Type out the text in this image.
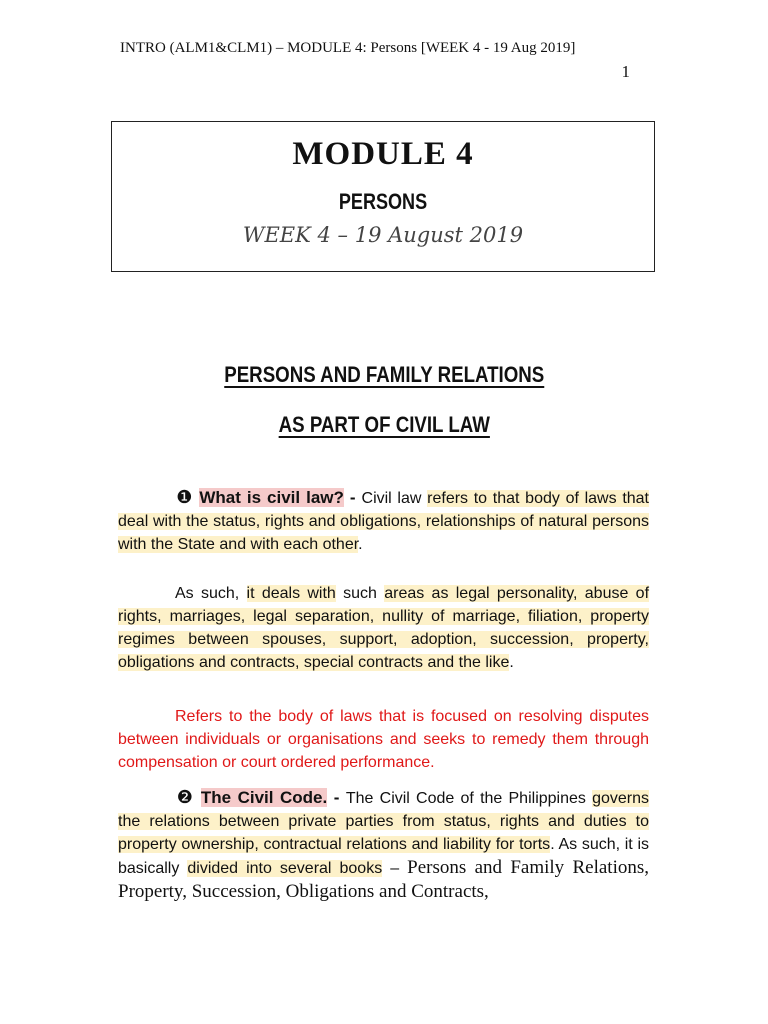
INTRO (ALM1&CLM1) – MODULE 4: Persons [WEEK 4 - 19 Aug 2019]
1
MODULE 4
PERSONS
WEEK 4 – 19 August 2019
PERSONS AND FAMILY RELATIONS
AS PART OF CIVIL LAW
❶ What is civil law? - Civil law refers to that body of laws that deal with the status, rights and obligations, relationships of natural persons with the State and with each other.
As such, it deals with such areas as legal personality, abuse of rights, marriages, legal separation, nullity of marriage, filiation, property regimes between spouses, support, adoption, succession, property, obligations and contracts, special contracts and the like.
Refers to the body of laws that is focused on resolving disputes between individuals or organisations and seeks to remedy them through compensation or court ordered performance.
❷ The Civil Code. - The Civil Code of the Philippines governs the relations between private parties from status, rights and duties to property ownership, contractual relations and liability for torts. As such, it is basically divided into several books – Persons and Family Relations, Property, Succession, Obligations and Contracts,
